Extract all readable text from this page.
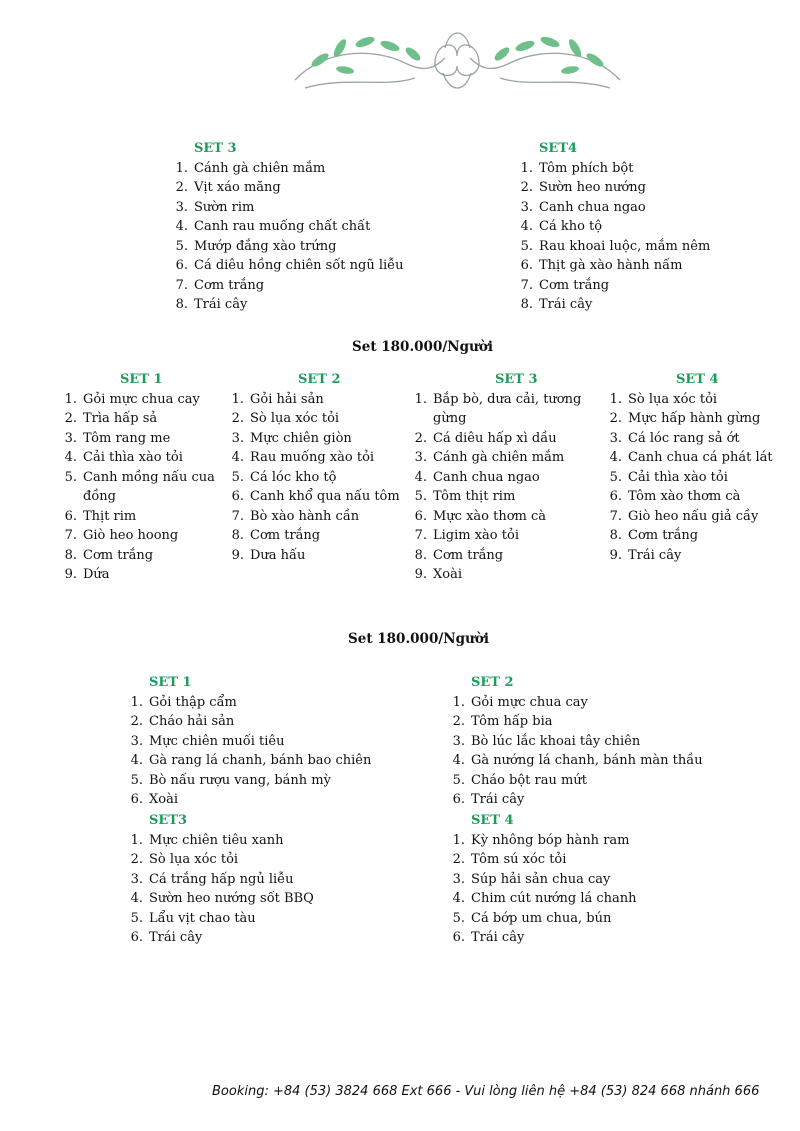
SET 3
1. Cánh gà chiên mắm
2. Vịt xáo măng
3. Sườn rim
4. Canh rau muống chất chất
5. Mướp đắng xào trứng
6. Cá diêu hồng chiên sốt ngũ liễu
7. Cơm trắng
8. Trái cây
SET4
1. Tôm phích bột
2. Sườn heo nướng
3. Canh chua ngao
4. Cá kho tộ
5. Rau khoai luộc, mắm nêm
6. Thịt gà xào hành nấm
7. Cơm trắng
8. Trái cây
Set 180.000/Người
SET 1
1. Gỏi mực chua cay
2. Trìa hấp sả
3. Tôm rang me
4. Cải thìa xào tỏi
5. Canh mồng nấu cua đồng
6. Thịt rim
7. Giò heo hoong
8. Cơm trắng
9. Dứa
SET 2
1. Gỏi hải sản
2. Sò lụa xóc tỏi
3. Mực chiên giòn
4. Rau muống xào tỏi
5. Cá lóc kho tộ
6. Canh khổ qua nấu tôm
7. Bò xào hành cần
8. Cơm trắng
9. Dưa hấu
SET 3
1. Bắp bò, dưa cải, tương gừng
2. Cá diêu hấp xì dầu
3. Cánh gà chiên mắm
4. Canh chua ngao
5. Tôm thịt rim
6. Mực xào thơm cà
7. Ligim xào tỏi
8. Cơm trắng
9. Xoài
SET 4
1. Sò lụa xóc tỏi
2. Mực hấp hành gừng
3. Cá lóc rang sả ớt
4. Canh chua cá phát lát
5. Cải thìa xào tỏi
6. Tôm xào thơm cà
7. Giò heo nấu giả cầy
8. Cơm trắng
9. Trái cây
Set 180.000/Người
SET 1
1. Gỏi thập cẩm
2. Cháo hải sản
3. Mực chiên muối tiêu
4. Gà rang lá chanh, bánh bao chiên
5. Bò nấu rượu vang, bánh mỳ
6. Xoài
SET 2
1. Gỏi mực chua cay
2. Tôm hấp bia
3. Bò lúc lắc khoai tây chiên
4. Gà nướng lá chanh, bánh màn thầu
5. Cháo bột rau mứt
6. Trái cây
SET3
1. Mực chiên tiêu xanh
2. Sò lụa xóc tỏi
3. Cá trắng hấp ngủ liễu
4. Sườn heo nướng sốt BBQ
5. Lẩu vịt chao tàu
6. Trái cây
SET 4
1. Kỳ nhông bóp hành ram
2. Tôm sú xóc tỏi
3. Súp hải sản chua cay
4. Chim cút nướng lá chanh
5. Cá bớp um chua, bún
6. Trái cây
Booking: +84 (53) 3824 668 Ext 666 - Vui lòng liên hệ +84 (53) 824 668 nhánh 666
